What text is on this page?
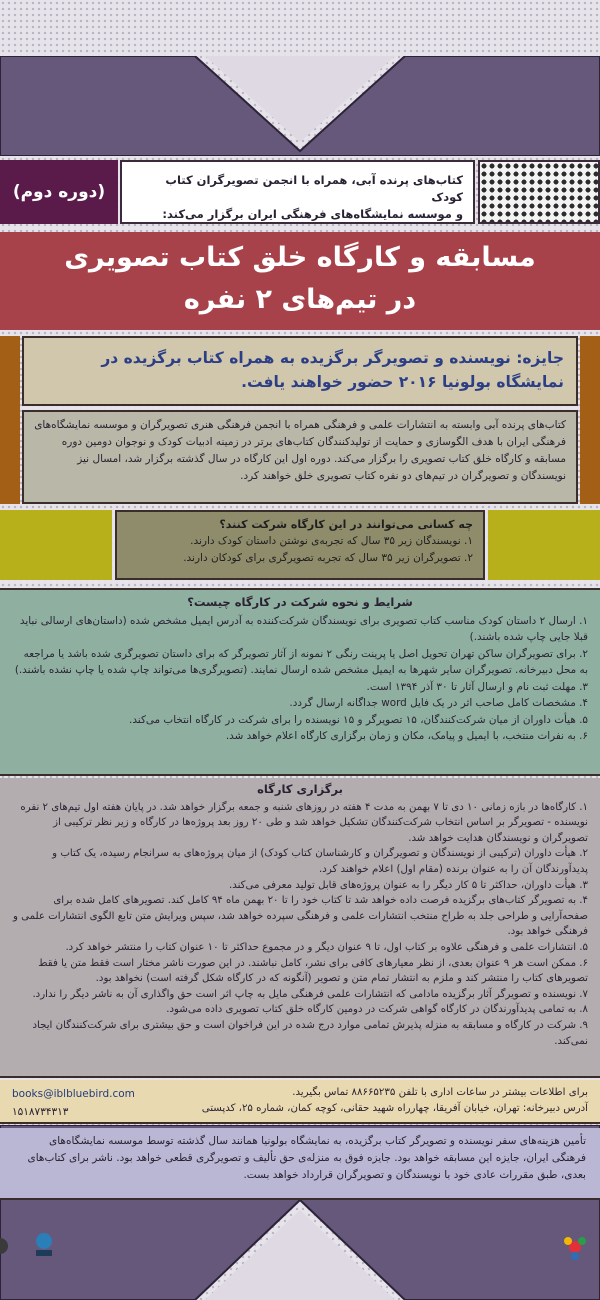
(دوره دوم)
کتاب‌های پرنده آبی، همراه با انجمن تصویرگران کتاب کودک
و موسسه نمایشگاه‌های فرهنگی ایران برگزار می‌کند:
مسابقه و کارگاه خلق کتاب تصویری
در تیم‌های ۲ نفره
جایزه: نویسنده و تصویرگر برگزیده به همراه کتاب برگزیده در نمایشگاه بولونیا ۲۰۱۶ حضور خواهند یافت.
کتاب‌های پرنده آبی وابسته به انتشارات علمی و فرهنگی همراه با انجمن فرهنگی هنری تصویرگران و موسسه نمایشگاه‌های فرهنگی ایران با هدف الگوسازی و حمایت از تولیدکنندگان کتاب‌های برتر در زمینه ادبیات کودک و نوجوان دومین دوره مسابقه و کارگاه خلق کتاب تصویری را برگزار می‌کند. دوره اول این کارگاه در سال گذشته برگزار شد، امسال نیز نویسندگان و تصویرگران در تیم‌های دو نفره کتاب تصویری خلق خواهند کرد.
چه کسانی می‌توانند در این کارگاه شرکت کنند؟
۱. نویسندگان زیر ۳۵ سال که تجربه‌ی نوشتن داستان کودک دارند.
۲. تصویرگران زیر ۳۵ سال که تجربه تصویرگری برای کودکان دارند.
شرایط و نحوه شرکت در کارگاه چیست؟
۱. ارسال ۲ داستان کودک مناسب کتاب تصویری برای نویسندگان شرکت‌کننده به آدرس ایمیل مشخص شده (داستان‌های ارسالی نباید قبلا جایی چاپ شده باشند.)
۲. برای تصویرگران ساکن تهران تحویل اصل یا پرینت رنگی ۲ نمونه از آثار تصویرگر که برای داستان تصویرگری شده باشد یا مراجعه به محل دبیرخانه. تصویرگران سایر شهرها به ایمیل مشخص شده ارسال نمایند. (تصویرگری‌ها می‌تواند چاپ شده یا چاپ نشده باشند.)
۳. مهلت ثبت نام و ارسال آثار تا ۳۰ آذر ۱۳۹۴ است.
۴. مشخصات کامل صاحب اثر در یک فایل word جداگانه ارسال گردد.
۵. هیأت داوران از میان شرکت‌کنندگان، ۱۵ تصویرگر و ۱۵ نویسنده را برای شرکت در کارگاه انتخاب می‌کند.
۶. به نفرات منتخب، با ایمیل و پیامک، مکان و زمان برگزاری کارگاه اعلام خواهد شد.
برگزاری کارگاه
۱. کارگاه‌ها در بازه زمانی ۱۰ دی تا ۷ بهمن به مدت ۴ هفته در روزهای شنبه و جمعه برگزار خواهد شد. در پایان هفته اول تیم‌های ۲ نفره نویسنده - تصویرگر بر اساس انتخاب شرکت‌کنندگان تشکیل خواهد شد و طی ۲۰ روز بعد پروژه‌ها در کارگاه و زیر نظر ترکیبی از تصویرگران و نویسندگان هدایت خواهد شد.
۲. هیأت داوران (ترکیبی از نویسندگان و تصویرگران و کارشناسان کتاب کودک) از میان پروژه‌های به سرانجام رسیده، یک کتاب و پدیدآورندگان آن را به عنوان برنده (مقام اول) اعلام خواهند کرد.
۳. هیأت داوران، حداکثر تا ۵ کار دیگر را به عنوان پروژه‌های قابل تولید معرفی می‌کند.
۴. به تصویرگر کتاب‌های برگزیده فرصت داده خواهد شد تا کتاب خود را تا ۲۰ بهمن ماه ۹۴ کامل کند. تصویرهای کامل شده برای صفحه‌آرایی و طراحی جلد به طراح منتخب انتشارات علمی و فرهنگی سپرده خواهد شد، سپس ویرایش متن تابع الگوی انتشارات علمی و فرهنگی خواهد بود.
۵. انتشارات علمی و فرهنگی علاوه بر کتاب اول، تا ۹ عنوان دیگر و در مجموع حداکثر تا ۱۰ عنوان کتاب را منتشر خواهد کرد.
۶. ممکن است هر ۹ عنوان بعدی، از نظر معیارهای کافی برای نشر، کامل نباشند. در این صورت ناشر مختار است فقط متن یا فقط تصویرهای کتاب را منتشر کند و ملزم به انتشار تمام متن و تصویر (آنگونه که در کارگاه شکل گرفته است) نخواهد بود.
۷. نویسنده و تصویرگر آثار برگزیده مادامی که انتشارات علمی فرهنگی مایل به چاپ اثر است حق واگذاری آن به ناشر دیگر را ندارد.
۸. به تمامی پدیدآورندگان در کارگاه گواهی شرکت در دومین کارگاه خلق کتاب تصویری داده می‌شود.
۹. شرکت در کارگاه و مسابقه به منزله پذیرش تمامی موارد درج شده در این فراخوان است و حق بیشتری برای شرکت‌کنندگان ایجاد نمی‌کند.
برای اطلاعات بیشتر در ساعات اداری با تلفن ۸۸۶۶۵۲۳۵ تماس بگیرید.
آدرس دبیرخانه: تهران، خیابان آفریقا، چهارراه شهید حقانی، کوچه کمان، شماره ۲۵، کدپستی
books@iblbluebird.com
۱۵۱۸۷۳۴۳۱۳
تأمین هزینه‌های سفر نویسنده و تصویرگر کتاب برگزیده، به نمایشگاه بولونیا همانند سال گذشته توسط موسسه نمایشگاه‌های فرهنگی ایران، جایزه این مسابقه خواهد بود. جایزه فوق به منزله‌ی حق تألیف و تصویرگری قطعی خواهد بود. ناشر برای کتاب‌های بعدی، طبق مقررات عادی خود با نویسندگان و تصویرگران قرارداد خواهد بست.
